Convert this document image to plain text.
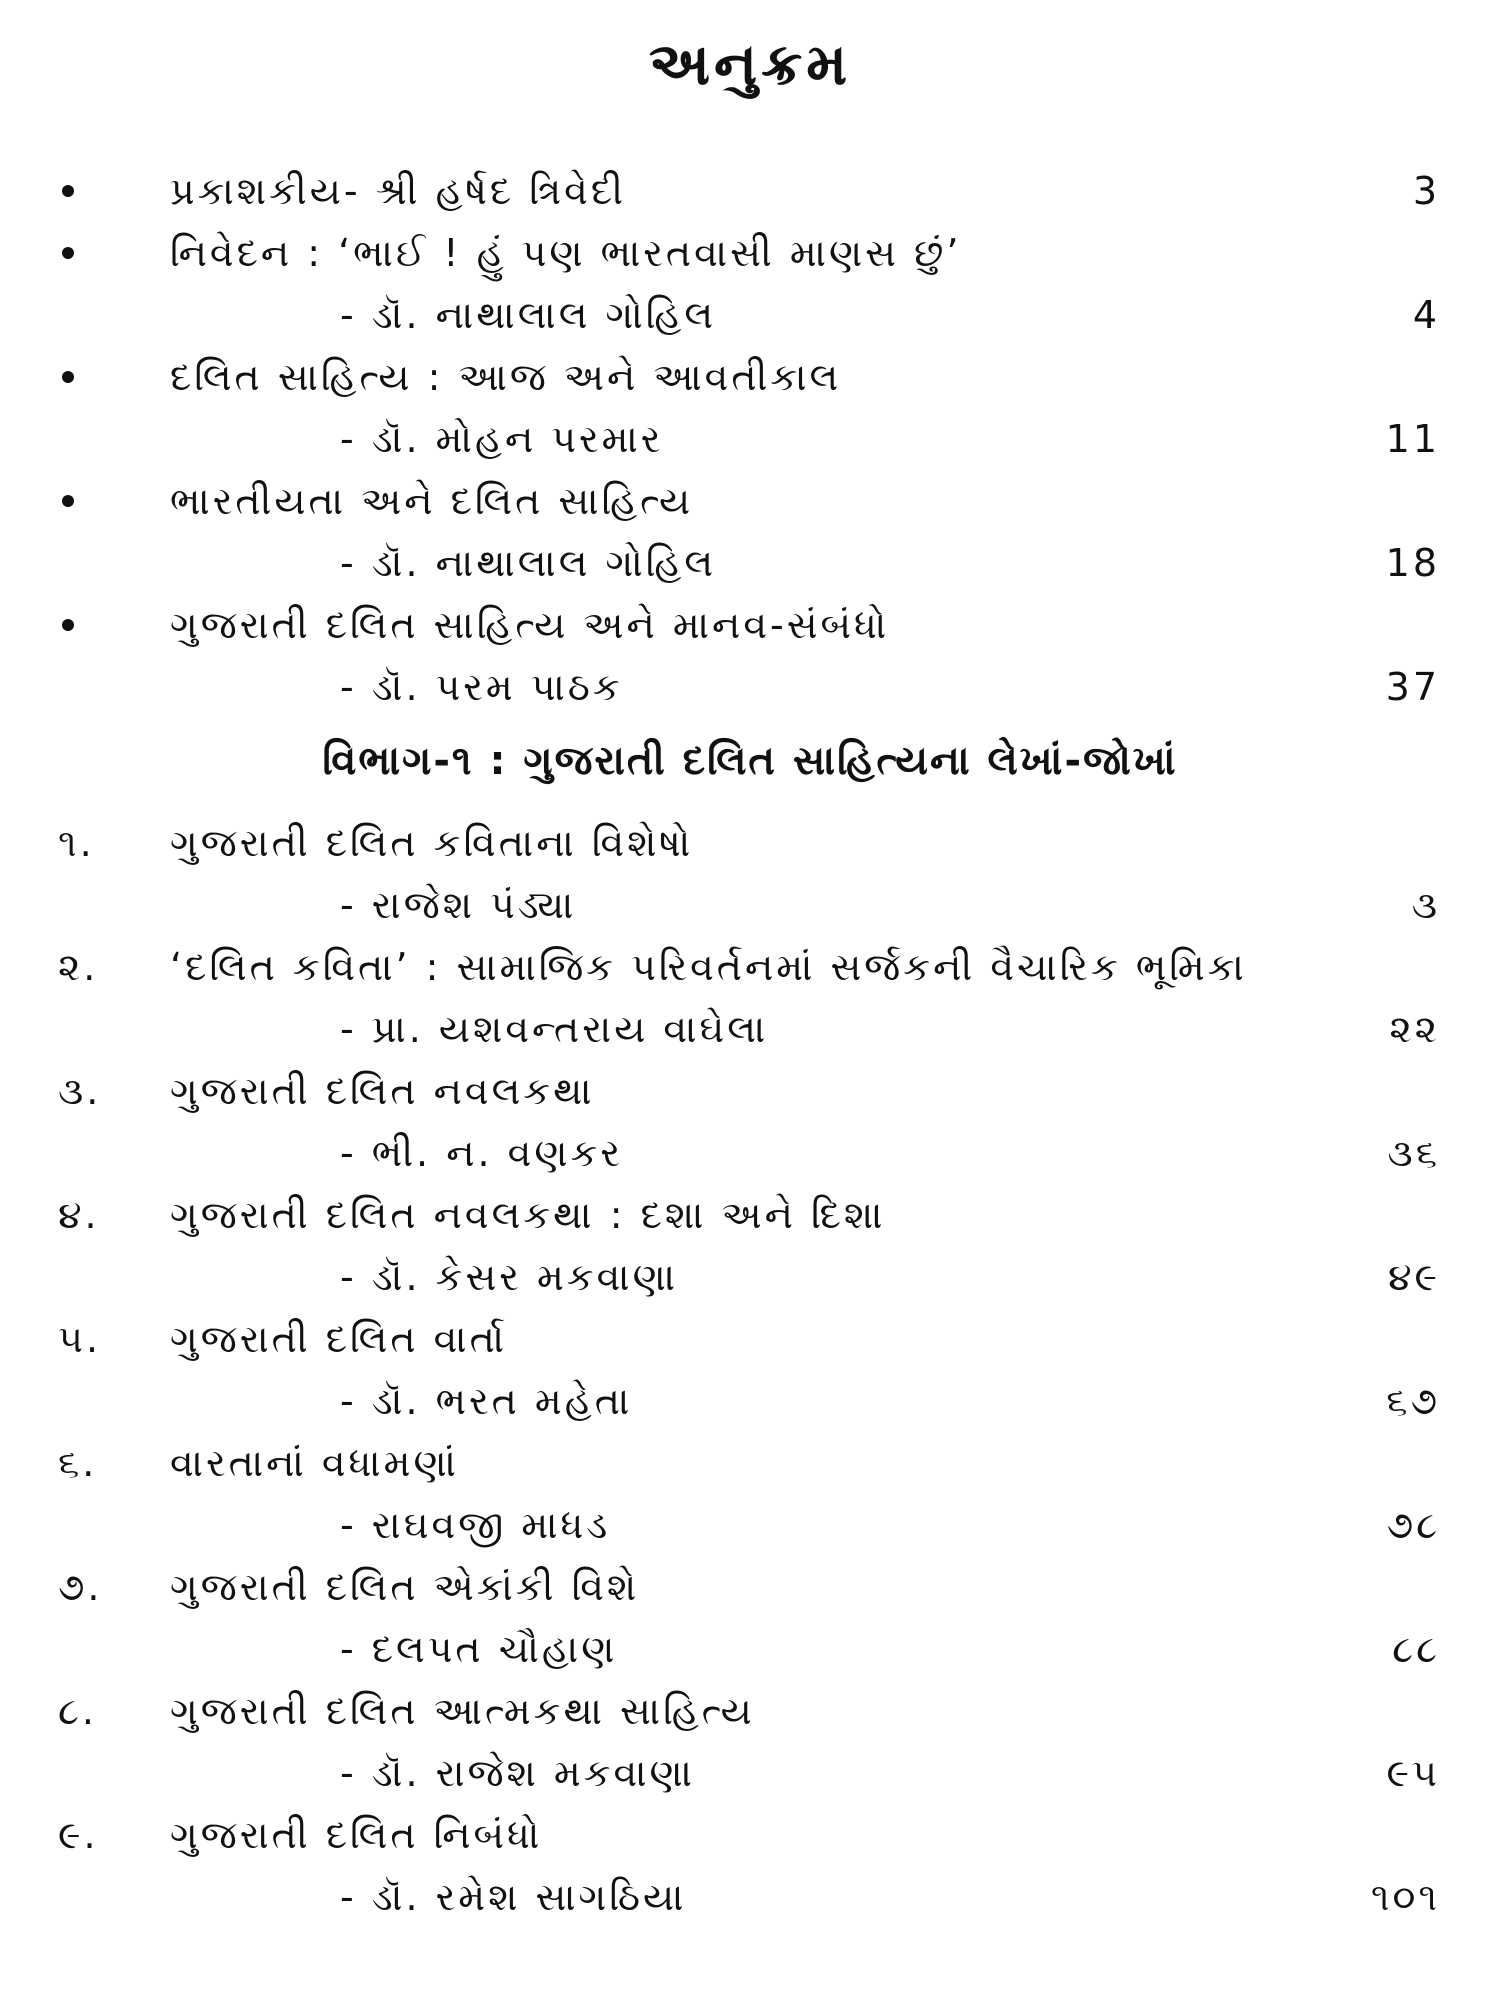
અનુક્રમ
પ્રકાશકીય- શ્રી હર્ષદ ત્રિવેદી	3
નિવેદન : ‘ભાઈ ! હું પણ ભારતવાસી માણસ છું’
- ડૉ. નાથાલાલ ગોહિલ	4
દલિત સાહિત્ય : આજ અને આવતીકાલ
- ડૉ. મોહન પરમાર	11
ભારતીયતા અને દલિત સાહિત્ય
- ડૉ. નાથાલાલ ગોહિલ	18
ગુજરાતી દલિત સાહિત્ય અને માનવ-સંબંધો
- ડૉ. પરમ પાઠક	37
વિભાગ-૧ : ગુજરાતી દલિત સાહિત્યના લેખાં-જોખાં
૧. ગુજરાતી દલિત કવિતાના વિશેષો
- રાજેશ પંડ્યા	૩
૨. ‘દલિત કવિતા’ : સામાજિક પરિવર્તનમાં સર્જકની વૈચારિક ભૂમિકા
- પ્રા. યશવન્તરાય વાઘેલા	૨૨
૩. ગુજરાતી દલિત નવલકથા
- ભી. ન. વણકર	૩૬
૪. ગુજરાતી દલિત નવલકથા : દશા અને દિશા
- ડૉ. કેસર મકવાણા	૪૯
૫. ગુજરાતી દલિત વાર્તા
- ડૉ. ભરત મહેતા	૬૭
૬. વારતાનાં વધામણાં
- રાઘવજી માધડ	૭૮
૭. ગુજરાતી દલિત એકાંકી વિશે
- દલપત ચૌહાણ	૮૮
૮. ગુજરાતી દલિત આત્મકથા સાહિત્ય
- ડૉ. રાજેશ મકવાણા	૯૫
૯. ગુજરાતી દલિત નિબંધો
- ડૉ. રમેશ સાગઠિયા	૧૦૧
